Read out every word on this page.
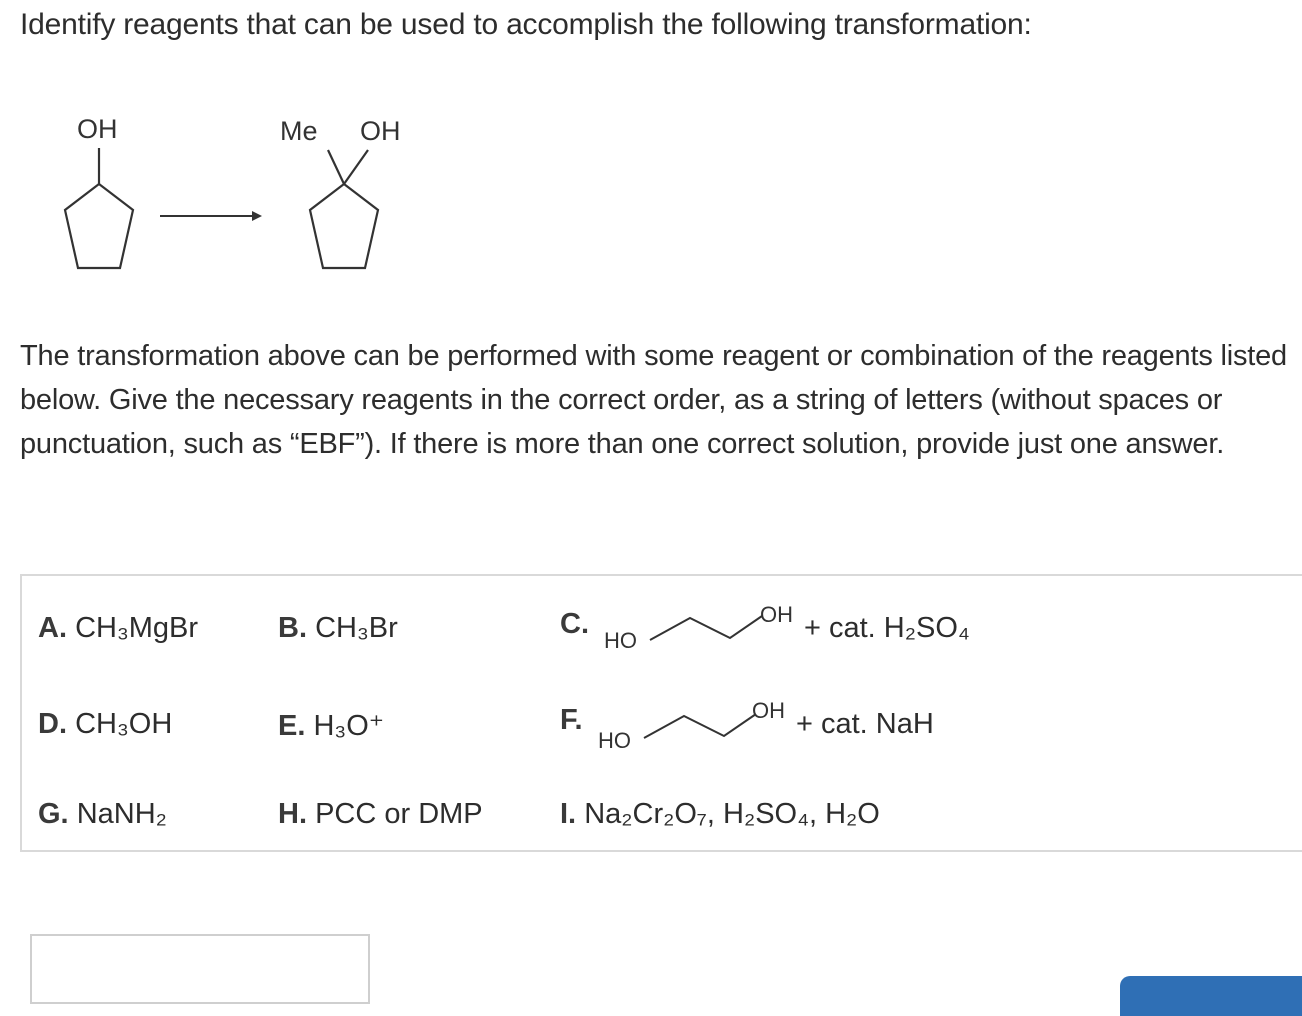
Identify reagents that can be used to accomplish the following transformation:
OH	Me OH
The transformation above can be performed with some reagent or combination of the reagents listed below. Give the necessary reagents in the correct order, as a string of letters (without spaces or punctuation, such as “EBF”). If there is more than one correct solution, provide just one answer.
A. CH₃MgBr	B. CH₃Br	C.
HO
OH + cat. H₂SO₄
D. CH₃OH	E. H₃O⁺	F.
HO
OH + cat. NaH
G. NaNH₂	H. PCC or DMP	I. Na₂Cr₂O₇, H₂SO₄, H₂O
